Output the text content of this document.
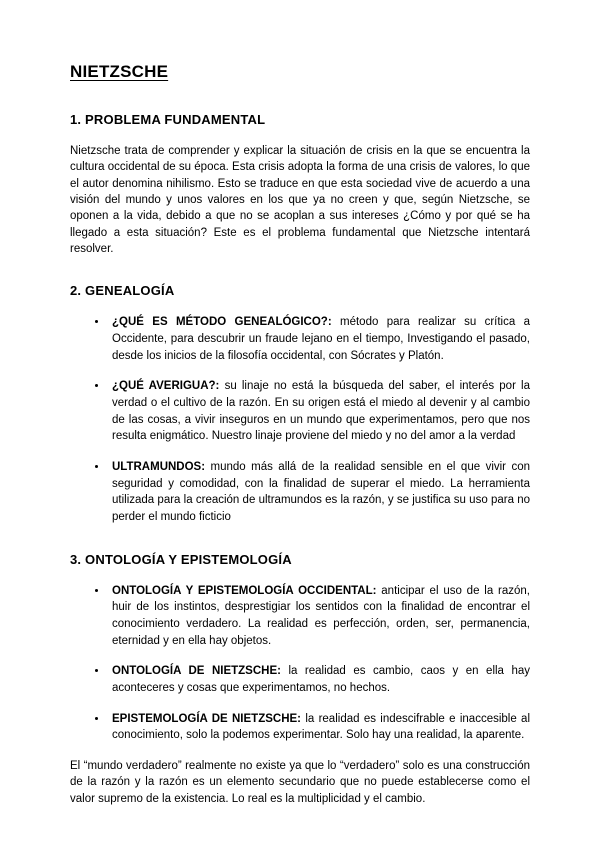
NIETZSCHE
1. PROBLEMA FUNDAMENTAL

Nietzsche trata de comprender y explicar la situación de crisis en la que se encuentra la cultura occidental de su época. Esta crisis adopta la forma de una crisis de valores, lo que el autor denomina nihilismo. Esto se traduce en que esta sociedad vive de acuerdo a una visión del mundo y unos valores en los que ya no creen y que, según Nietzsche, se oponen a la vida, debido a que no se acoplan a sus intereses ¿Cómo y por qué se ha llegado a esta situación? Este es el problema fundamental que Nietzsche intentará resolver.

2. GENEALOGÍA
• ¿QUÉ ES MÉTODO GENEALÓGICO?: método para realizar su crítica a Occidente, para descubrir un fraude lejano en el tiempo, Investigando el pasado, desde los inicios de la filosofía occidental, con Sócrates y Platón.
• ¿QUÉ AVERIGUA?: su linaje no está la búsqueda del saber, el interés por la verdad o el cultivo de la razón. En su origen está el miedo al devenir y al cambio de las cosas, a vivir inseguros en un mundo que experimentamos, pero que nos resulta enigmático. Nuestro linaje proviene del miedo y no del amor a la verdad
• ULTRAMUNDOS: mundo más allá de la realidad sensible en el que vivir con seguridad y comodidad, con la finalidad de superar el miedo. La herramienta utilizada para la creación de ultramundos es la razón, y se justifica su uso para no perder el mundo ficticio
3. ONTOLOGÍA Y EPISTEMOLOGÍA
• ONTOLOGÍA Y EPISTEMOLOGÍA OCCIDENTAL: anticipar el uso de la razón, huir de los instintos, desprestigiar los sentidos con la finalidad de encontrar el conocimiento verdadero. La realidad es perfección, orden, ser, permanencia, eternidad y en ella hay objetos.
• ONTOLOGÍA DE NIETZSCHE: la realidad es cambio, caos y en ella hay aconteceres y cosas que experimentamos, no hechos.
• EPISTEMOLOGÍA DE NIETZSCHE: la realidad es indescifrable e inaccesible al conocimiento, solo la podemos experimentar. Solo hay una realidad, la aparente.

El “mundo verdadero” realmente no existe ya que lo “verdadero” solo es una construcción de la razón y la razón es un elemento secundario que no puede establecerse como el valor supremo de la existencia. Lo real es la multiplicidad y el cambio.
